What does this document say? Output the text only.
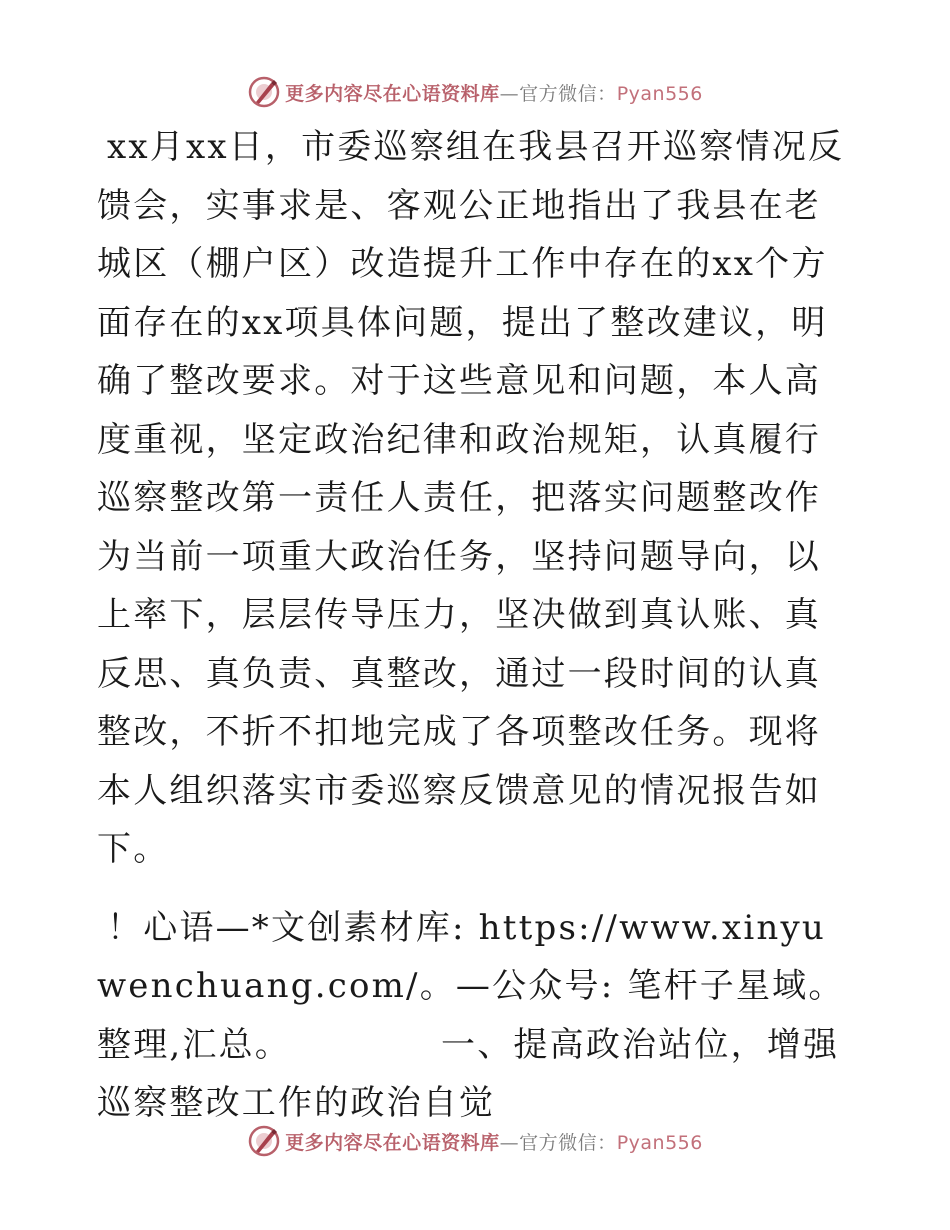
更多内容尽在心语资料库—官方微信：Pyan556

xx月xx日，市委巡察组在我县召开巡察情况反馈会，实事求是、客观公正地指出了我县在老城区（棚户区）改造提升工作中存在的xx个方面存在的xx项具体问题，提出了整改建议，明确了整改要求。对于这些意见和问题，本人高度重视，坚定政治纪律和政治规矩，认真履行巡察整改第一责任人责任，把落实问题整改作为当前一项重大政治任务，坚持问题导向，以上率下，层层传导压力，坚决做到真认账、真反思、真负责、真整改，通过一段时间的认真整改，不折不扣地完成了各项整改任务。现将本人组织落实市委巡察反馈意见的情况报告如下。

！心语—*文创素材库: https://www.xinyuwenchuang.com/。—公众号: 笔杆子星域。整理,汇总。	一、提高政治站位，增强巡察整改工作的政治自觉

更多内容尽在心语资料库—官方微信：Pyan556
